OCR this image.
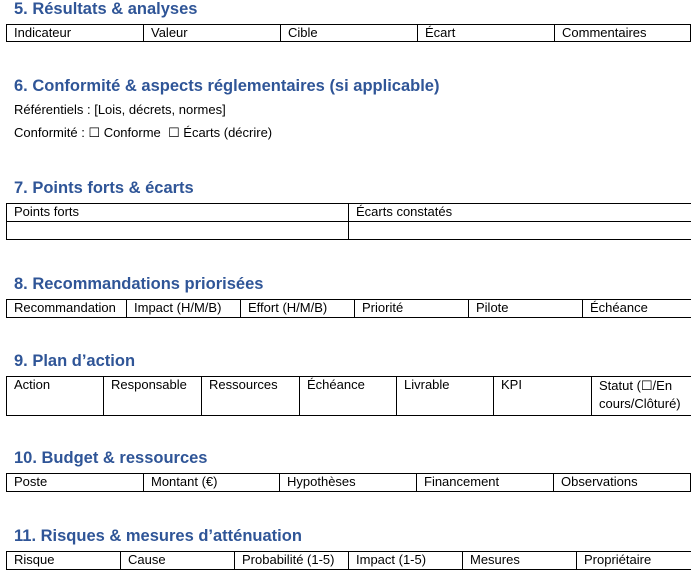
5. Résultats & analyses
Indicateur	Valeur	Cible	Écart	Commentaires
6. Conformité & aspects réglementaires (si applicable)

Référentiels : [Lois, décrets, normes]

Conformité : ☐ Conforme ☐ Écarts (décrire)

7. Points forts & écarts
Points forts	Écarts constatés

8. Recommandations priorisées
Recommandation	Impact (H/M/B)	Effort (H/M/B)	Priorité	Pilote	Échéance
9. Plan d’action
Action	Responsable	Ressources	Échéance	Livrable	KPI	Statut (☐/En cours/Clôturé)
10. Budget & ressources
Poste	Montant (€)	Hypothèses	Financement	Observations
11. Risques & mesures d’atténuation
Risque	Cause	Probabilité (1-5)	Impact (1-5)	Mesures	Propriétaire
